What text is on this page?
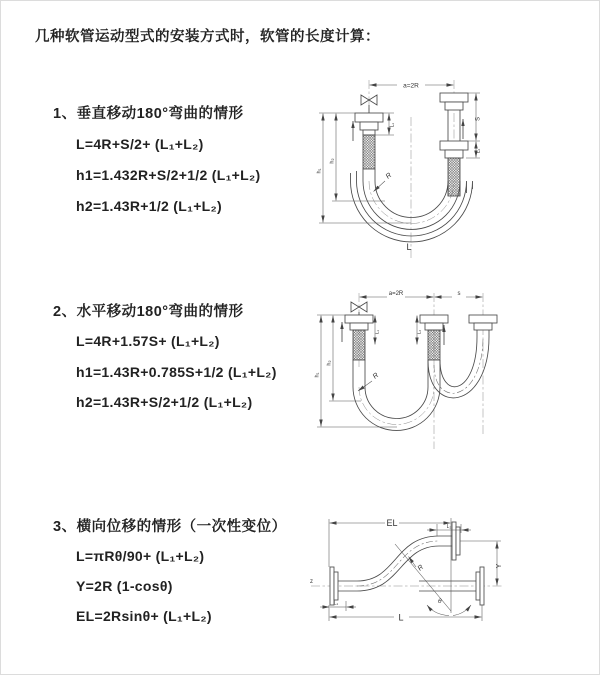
几种软管运动型式的安装方式时，软管的长度计算：
1、垂直移动180°弯曲的情形
L=4R+S/2+ (L₁+L₂)
h1=1.432R+S/2+1/2 (L₁+L₂)
h2=1.43R+1/2 (L₁+L₂)
2、水平移动180°弯曲的情形
L=4R+1.57S+ (L₁+L₂)
h1=1.43R+0.785S+1/2 (L₁+L₂)
h2=1.43R+S/2+1/2 (L₁+L₂)
3、横向位移的情形（一次性变位）
L=πRθ/90+ (L₁+L₂)
Y=2R (1-cosθ)
EL=2Rsinθ+ (L₁+L₂)
a=2R
h₁
h₂
S
L₂
L₁
R
L
a=2R	s
h₁
h₂
L₁	L₂
R
z
θ
EL	L₂
Y
L
L₁
R
